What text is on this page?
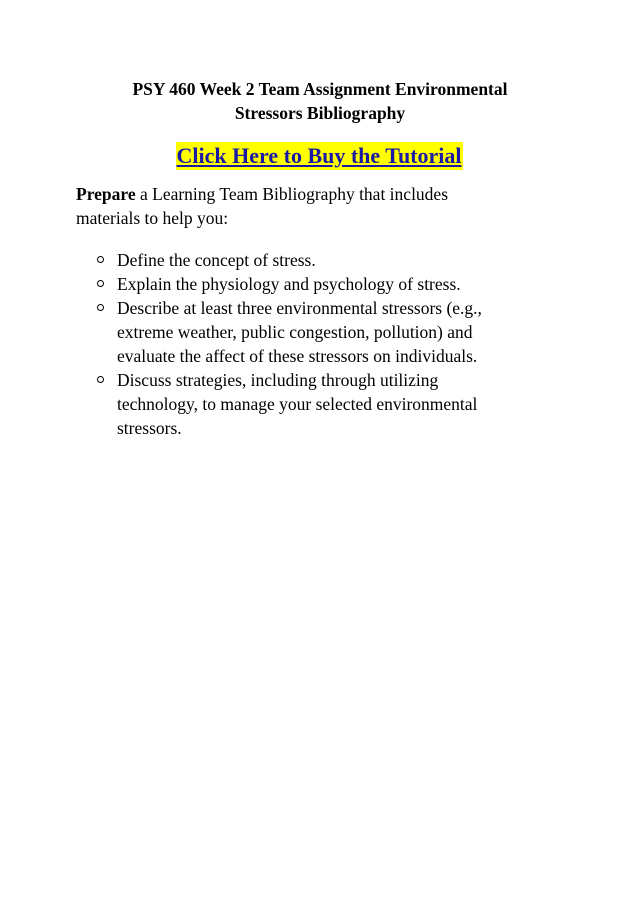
PSY 460 Week 2 Team Assignment Environmental
Stressors Bibliography
Click Here to Buy the Tutorial
Prepare a Learning Team Bibliography that includes
materials to help you:
Define the concept of stress.
Explain the physiology and psychology of stress.
Describe at least three environmental stressors (e.g.,
extreme weather, public congestion, pollution) and
evaluate the affect of these stressors on individuals.
Discuss strategies, including through utilizing
technology, to manage your selected environmental
stressors.
